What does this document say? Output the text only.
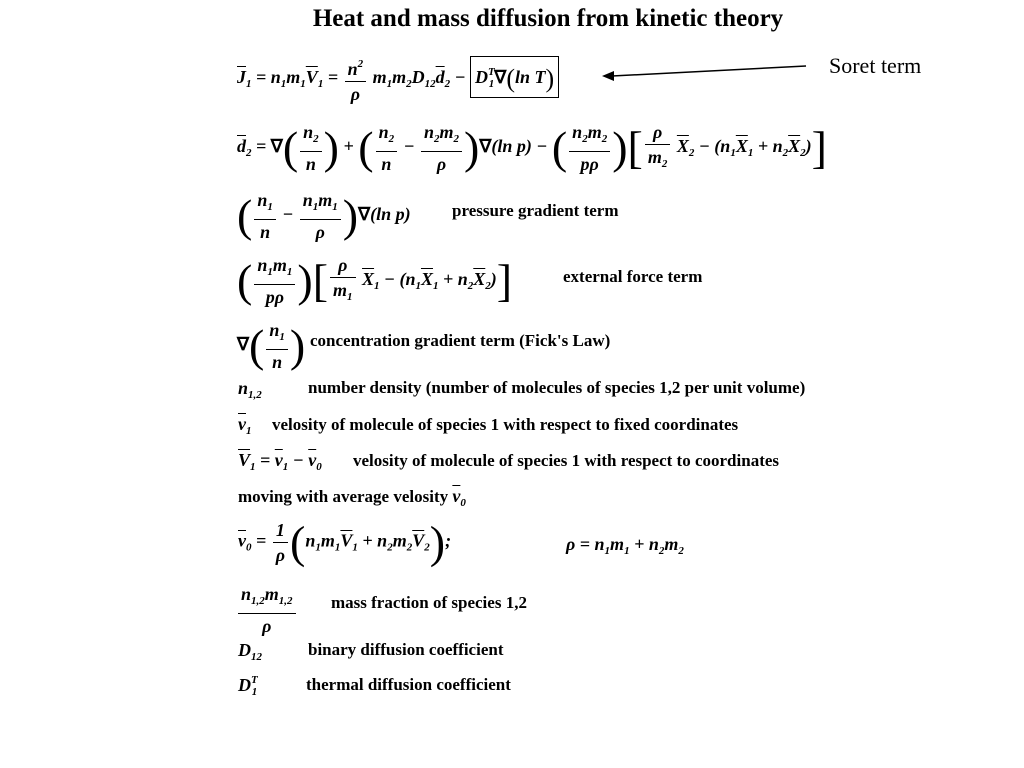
Heat and mass diffusion from kinetic theory
$\overline{J}_1 = n_1m_1\overline{V}_1 = \frac{n^2}{\rho} m_1m_2D_{12}\overline{d}_2 - D^T_1\nabla(\ln$ T)	Soret term
$\overline{d}_2$ = ∇( $\frac{n_2}{n}$ ) + ( $\frac{n_2}{n} - \frac{n_2m_2}{\rho} )\nabla(\ln$ p) − ( $\frac{n_2m_2}{p\rho}$ )[ $\frac{\rho}{m_2} \overline{X}_2 - (n_1\overline{X}_1 + n_2\overline{X}_2)$]
( $\frac{n_1}{n} - \frac{n_1m_1}{\rho} )\nabla(\ln$ p) pressure gradient term
( $\frac{n_1m_1}{p\rho}$ )[ $\frac{\rho}{m_1} \overline{X}_1 - (n_1\overline{X}_1 + n_2\overline{X}_2)$]	external force term
∇( $\frac{n_1}{n}$ ) concentration gradient term (Fick's Law)
$n_{1,2}$	number density (number of molecules of species 1,2 per unit volume)
$\overline{v}_1$ velosity of molecule of species 1 with respect to fixed coordinates
$\overline{V}_1 = \overline{v}_1 - \overline{v}_0$ velosity of molecule of species 1 with respect to coordinates
moving with average velosity $\overline{v}_0$
$\overline{v}_0 = \frac{1}{\rho} (n_1m_1\overline{V}_1 + n_2m_2\overline{V}_2)$;	$\rho = n_1m_1 + n_2m_2$
$\frac{n_{1,2}m_{1,2}}{\rho}$ mass fraction of species 1,2
$D_{12}$	binary diffusion coefficient
$D^T_1$	thermal diffusion coefficient
